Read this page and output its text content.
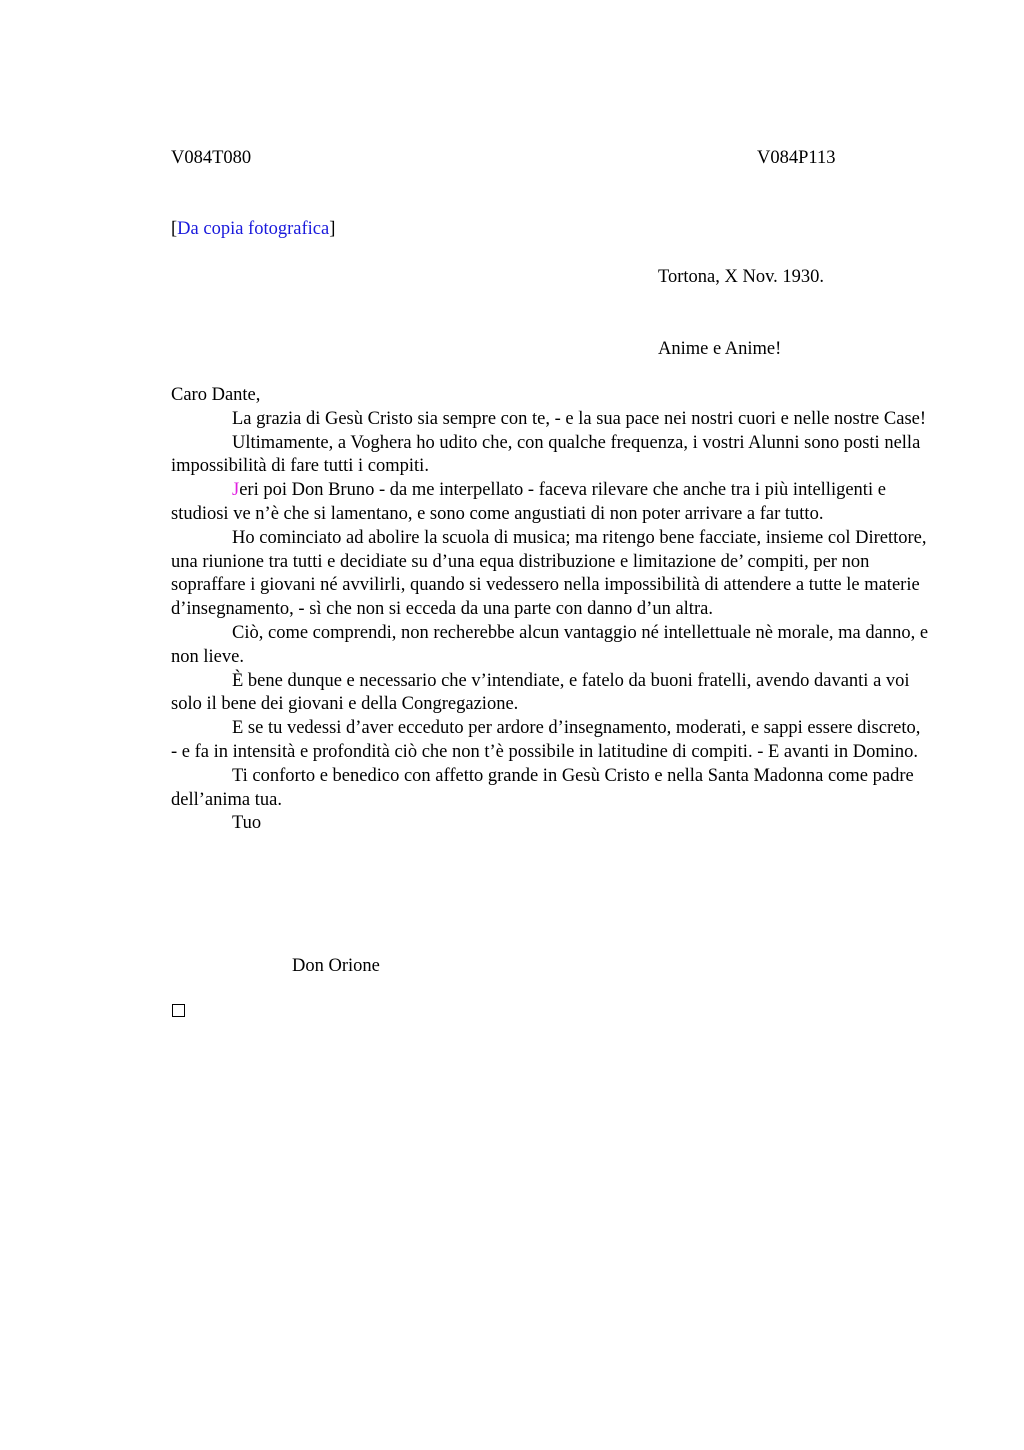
V084T080	V084P113
[Da copia fotografica]
Tortona, X Nov. 1930.
Anime e Anime!

Caro Dante,

La grazia di Gesù Cristo sia sempre con te, - e la sua pace nei nostri cuori e nelle nostre Case!

Ultimamente, a Voghera ho udito che, con qualche frequenza, i vostri Alunni sono posti nella impossibilità di fare tutti i compiti.

Jeri poi Don Bruno - da me interpellato - faceva rilevare che anche tra i più intelligenti e studiosi ve n’è che si lamentano, e sono come angustiati di non poter arrivare a far tutto.

Ho cominciato ad abolire la scuola di musica; ma ritengo bene facciate, insieme col Direttore, una riunione tra tutti e decidiate su d’una equa distribuzione e limitazione de’ compiti, per non sopraffare i giovani né avvilirli, quando si vedessero nella impossibilità di attendere a tutte le materie d’insegnamento, - sì che non si ecceda da una parte con danno d’un altra.

Ciò, come comprendi, non recherebbe alcun vantaggio né intellettuale nè morale, ma danno, e non lieve.

È bene dunque e necessario che v’intendiate, e fatelo da buoni fratelli, avendo davanti a voi solo il bene dei giovani e della Congregazione.

E se tu vedessi d’aver ecceduto per ardore d’insegnamento, moderati, e sappi essere discreto, - e fa in intensità e profondità ciò che non t’è possibile in latitudine di compiti. - E avanti in Domino.

Ti conforto e benedico con affetto grande in Gesù Cristo e nella Santa Madonna come padre dell’anima tua.

Tuo

Don Orione
